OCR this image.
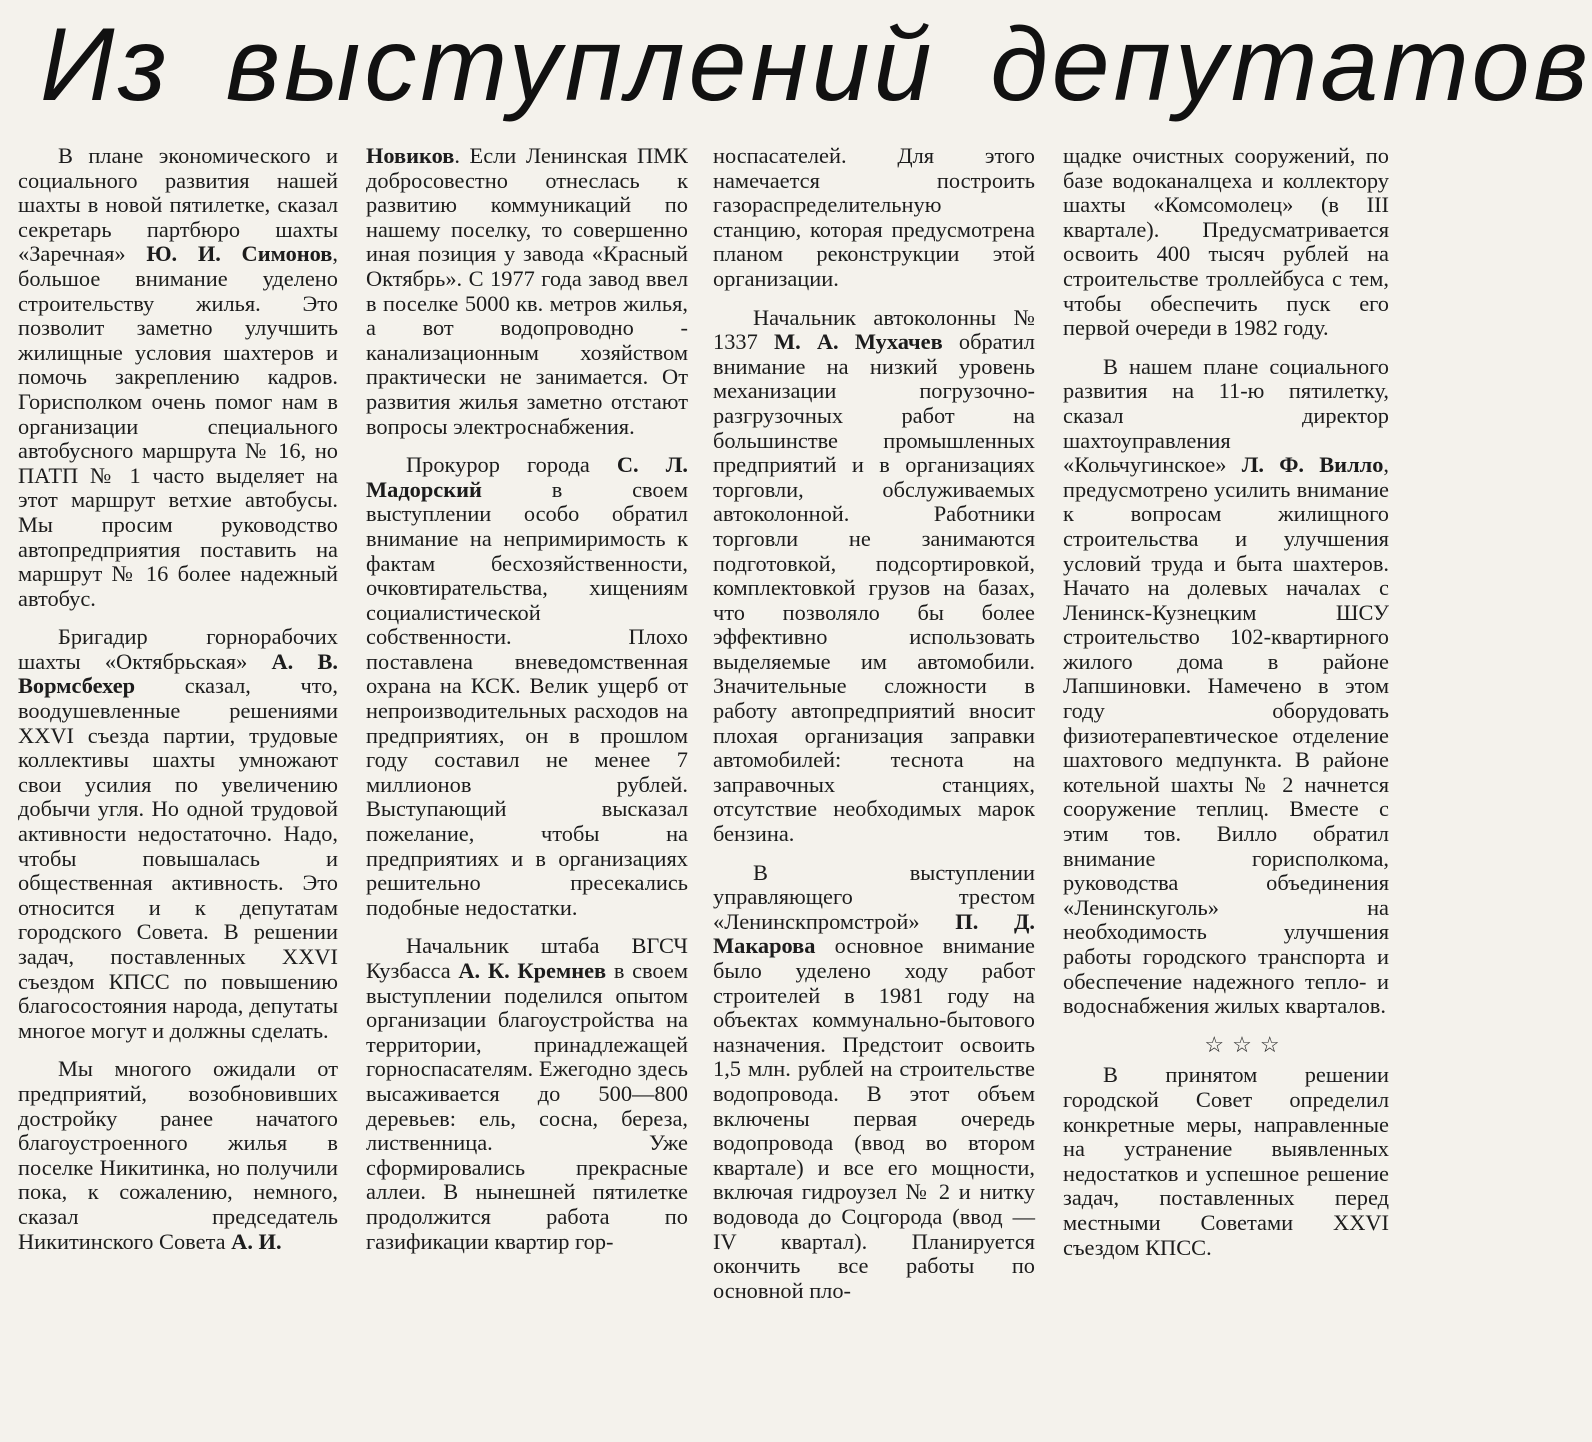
Из выступлений депутатов

В плане экономического и социального развития нашей шахты в новой пятилетке, сказал секретарь партбюро шахты «Заречная» Ю. И. Симонов, большое внимание уделено строительству жилья. Это позволит заметно улучшить жилищные условия шахтеров и помочь закреплению кадров. Горисполком очень помог нам в организации специального автобусного маршрута № 16, но ПАТП № 1 часто выделяет на этот маршрут ветхие автобусы. Мы просим руководство автопредприятия поставить на маршрут № 16 более надежный автобус.

Бригадир горнорабочих шахты «Октябрьская» А. В. Вормсбехер сказал, что, воодушевленные решениями XXVI съезда партии, трудовые коллективы шахты умножают свои усилия по увеличению добычи угля. Но одной трудовой активности недостаточно. Надо, чтобы повышалась и общественная активность. Это относится и к депутатам городского Совета. В решении задач, поставленных XXVI съездом КПСС по повышению благосостояния народа, депутаты многое могут и должны сделать.

Мы многого ожидали от предприятий, возобновивших достройку ранее начатого благоустроенного жилья в поселке Никитинка, но получили пока, к сожалению, немного, сказал председатель Никитинского Совета А. И.

Новиков. Если Ленинская ПМК добросовестно отнеслась к развитию коммуникаций по нашему поселку, то совершенно иная позиция у завода «Красный Октябрь». С 1977 года завод ввел в поселке 5000 кв. метров жилья, а вот водопроводно - канализационным хозяйством практически не занимается. От развития жилья заметно отстают вопросы электроснабжения.

Прокурор города С. Л. Мадорский в своем выступлении особо обратил внимание на непримиримость к фактам бесхозяйственности, очковтирательства, хищениям социалистической собственности. Плохо поставлена вневедомственная охрана на КСК. Велик ущерб от непроизводительных расходов на предприятиях, он в прошлом году составил не менее 7 миллионов рублей. Выступающий высказал пожелание, чтобы на предприятиях и в организациях решительно пресекались подобные недостатки.

Начальник штаба ВГСЧ Кузбасса А. К. Кремнев в своем выступлении поделился опытом организации благоустройства на территории, принадлежащей горноспасателям. Ежегодно здесь высаживается до 500—800 деревьев: ель, сосна, береза, лиственница. Уже сформировались прекрасные аллеи. В нынешней пятилетке продолжится работа по газификации квартир гор-

носпасателей. Для этого намечается построить газораспределительную станцию, которая предусмотрена планом реконструкции этой организации.

Начальник автоколонны № 1337 М. А. Мухачев обратил внимание на низкий уровень механизации погрузочно- разгрузочных работ на большинстве промышленных предприятий и в организациях торговли, обслуживаемых автоколонной. Работники торговли не занимаются подготовкой, подсортировкой, комплектовкой грузов на базах, что позволяло бы более эффективно использовать выделяемые им автомобили. Значительные сложности в работу автопредприятий вносит плохая организация заправки автомобилей: теснота на заправочных станциях, отсутствие необходимых марок бензина.

В выступлении управляющего трестом «Ленинскпромстрой» П. Д. Макарова основное внимание было уделено ходу работ строителей в 1981 году на объектах коммунально-бытового назначения. Предстоит освоить 1,5 млн. рублей на строительстве водопровода. В этот объем включены первая очередь водопровода (ввод во втором квартале) и все его мощности, включая гидроузел № 2 и нитку водовода до Соцгорода (ввод — IV квартал). Планируется окончить все работы по основной пло-

щадке очистных сооружений, по базе водоканалцеха и коллектору шахты «Комсомолец» (в III квартале). Предусматривается освоить 400 тысяч рублей на строительстве троллейбуса с тем, чтобы обеспечить пуск его первой очереди в 1982 году.

В нашем плане социального развития на 11-ю пятилетку, сказал директор шахтоуправления «Кольчугинское» Л. Ф. Вилло, предусмотрено усилить внимание к вопросам жилищного строительства и улучшения условий труда и быта шахтеров. Начато на долевых началах с Ленинск-Кузнецким ШСУ строительство 102-квартирного жилого дома в районе Лапшиновки. Намечено в этом году оборудовать физиотерапевтическое отделение шахтового медпункта. В районе котельной шахты № 2 начнется сооружение теплиц. Вместе с этим тов. Вилло обратил внимание горисполкома, руководства объединения «Ленинскуголь» на необходимость улучшения работы городского транспорта и обеспечение надежного тепло- и водоснабжения жилых кварталов.

☆☆☆

В принятом решении городской Совет определил конкретные меры, направленные на устранение выявленных недостатков и успешное решение задач, поставленных перед местными Советами XXVI съездом КПСС.
